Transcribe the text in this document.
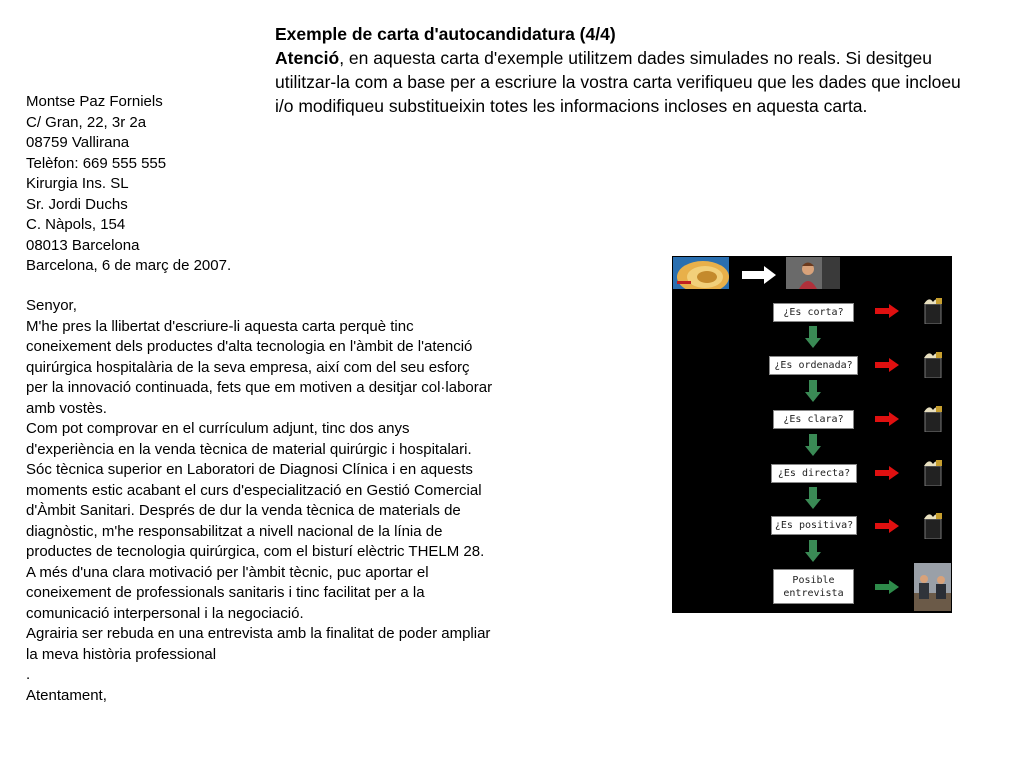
Exemple de carta d'autocandidatura (4/4)
Atenció, en aquesta carta d'exemple utilitzem dades simulades no reals. Si desitgeu utilitzar-la com a base per a escriure la vostra carta verifiqueu que les dades que incloeu i/o modifiqueu substitueixin totes les informacions incloses en aquesta carta.
Montse Paz Forniels
C/ Gran, 22, 3r 2a
08759 Vallirana
Telèfon: 669 555 555
Kirurgia Ins. SL
Sr. Jordi Duchs
C. Nàpols, 154
08013 Barcelona
Barcelona, 6 de març de 2007.
Senyor,
M'he pres la llibertat d'escriure-li aquesta carta perquè tinc
coneixement dels productes d'alta tecnologia en l'àmbit de l'atenció
quirúrgica hospitalària de la seva empresa, així com del seu esforç
per la innovació continuada, fets que em motiven a desitjar col·laborar
amb vostès.
Com pot comprovar en el currículum adjunt, tinc dos anys
d'experiència en la venda tècnica de material quirúrgic i hospitalari.
Sóc tècnica superior en Laboratori de Diagnosi Clínica i en aquests
moments estic acabant el curs d'especialització en Gestió Comercial
d'Àmbit Sanitari. Després de dur la venda tècnica de materials de
diagnòstic, m'he responsabilitzat a nivell nacional de la línia de
productes de tecnologia quirúrgica, com el bisturí elèctric THELM 28.
A més d'una clara motivació per l'àmbit tècnic, puc aportar el
coneixement de professionals sanitaris i tinc facilitat per a la
comunicació interpersonal i la negociació.
Agrairia ser rebuda en una entrevista amb la finalitat de poder ampliar
la meva història professional
.
Atentament,
¿Es corta?
¿Es ordenada?
¿Es clara?
¿Es directa?
¿Es positiva?
Posible
entrevista
